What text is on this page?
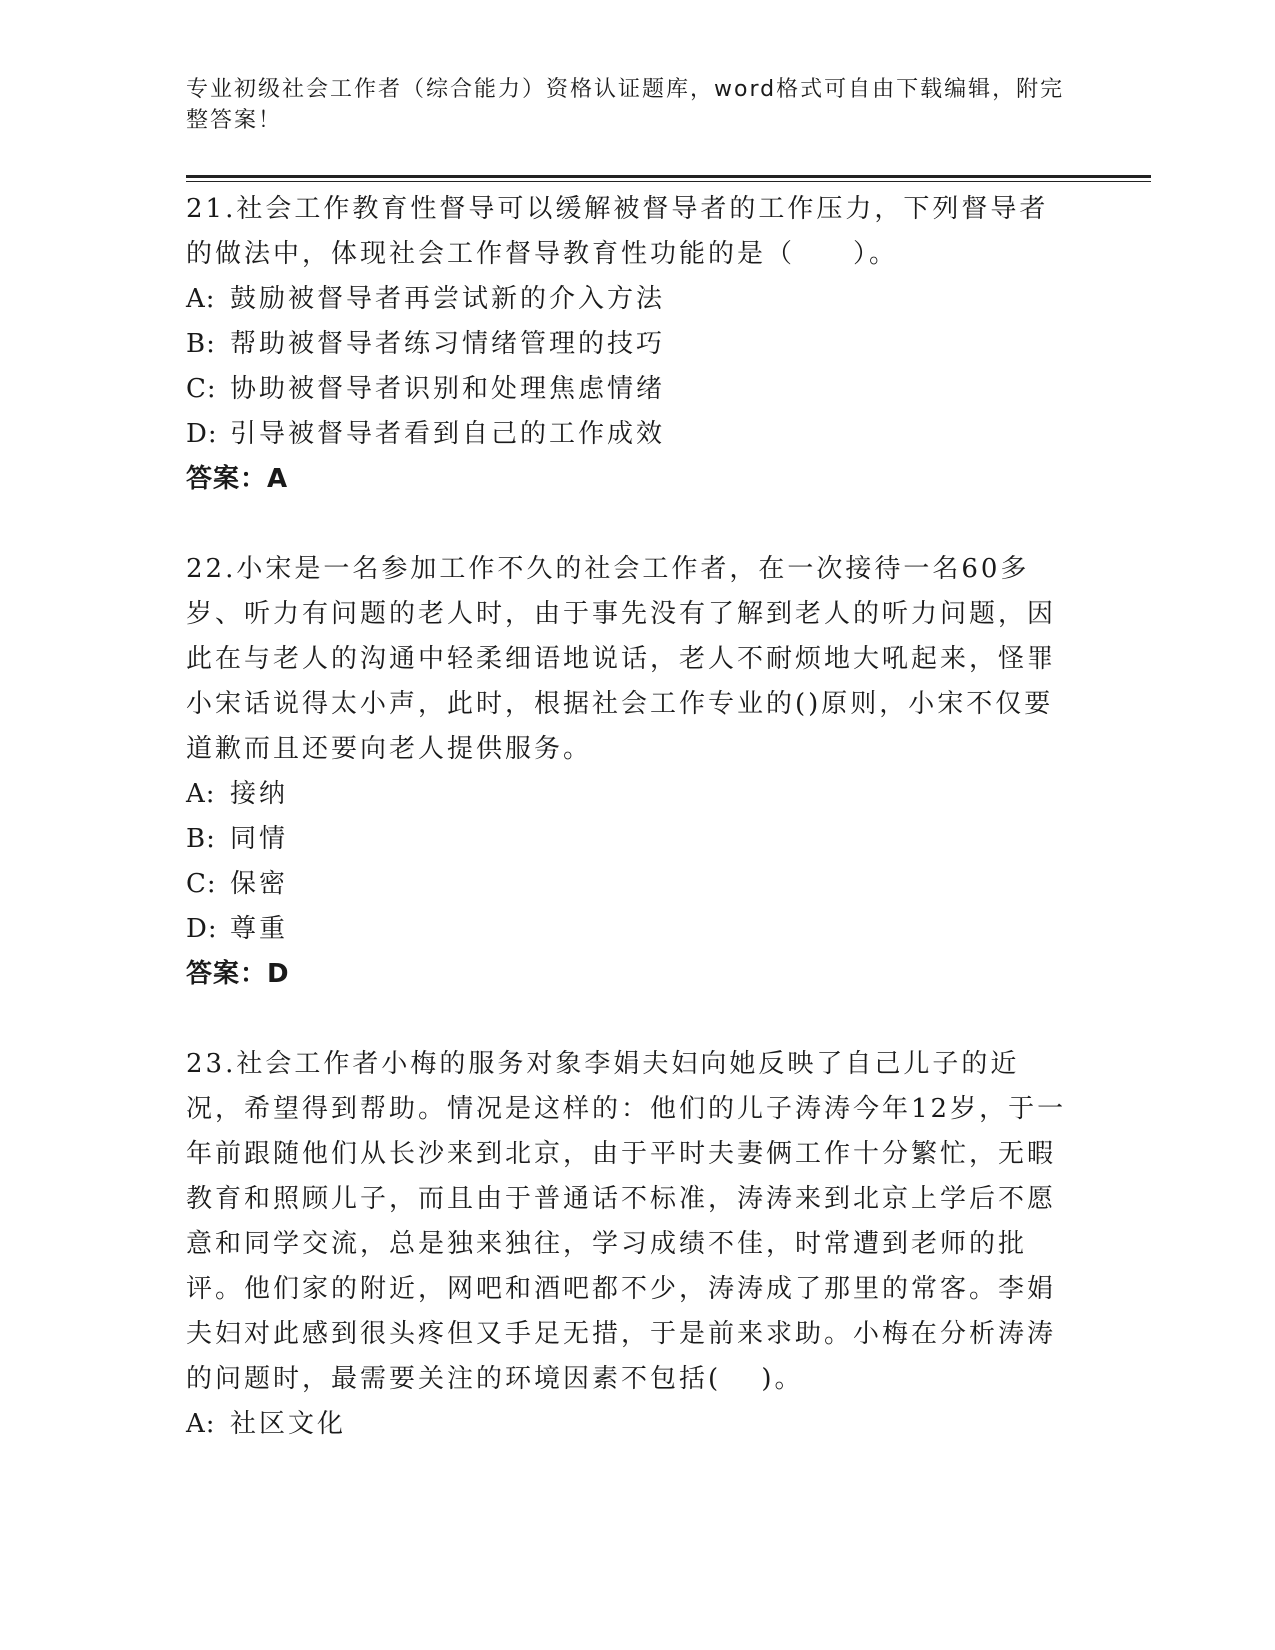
专业初级社会工作者（综合能力）资格认证题库，word格式可自由下载编辑，附完整答案！

21.社会工作教育性督导可以缓解被督导者的工作压力，下列督导者的做法中，体现社会工作督导教育性功能的是（　　）。

A: 鼓励被督导者再尝试新的介入方法

B: 帮助被督导者练习情绪管理的技巧

C: 协助被督导者识别和处理焦虑情绪

D: 引导被督导者看到自己的工作成效

答案：A

22.小宋是一名参加工作不久的社会工作者，在一次接待一名60多岁、听力有问题的老人时，由于事先没有了解到老人的听力问题，因此在与老人的沟通中轻柔细语地说话，老人不耐烦地大吼起来，怪罪小宋话说得太小声，此时，根据社会工作专业的()原则，小宋不仅要道歉而且还要向老人提供服务。

A: 接纳

B: 同情

C: 保密

D: 尊重

答案：D

23.社会工作者小梅的服务对象李娟夫妇向她反映了自己儿子的近况，希望得到帮助。情况是这样的：他们的儿子涛涛今年12岁，于一年前跟随他们从长沙来到北京，由于平时夫妻俩工作十分繁忙，无暇教育和照顾儿子，而且由于普通话不标准，涛涛来到北京上学后不愿意和同学交流，总是独来独往，学习成绩不佳，时常遭到老师的批评。他们家的附近，网吧和酒吧都不少，涛涛成了那里的常客。李娟夫妇对此感到很头疼但又手足无措，于是前来求助。小梅在分析涛涛的问题时，最需要关注的环境因素不包括(　 )。

A: 社区文化
